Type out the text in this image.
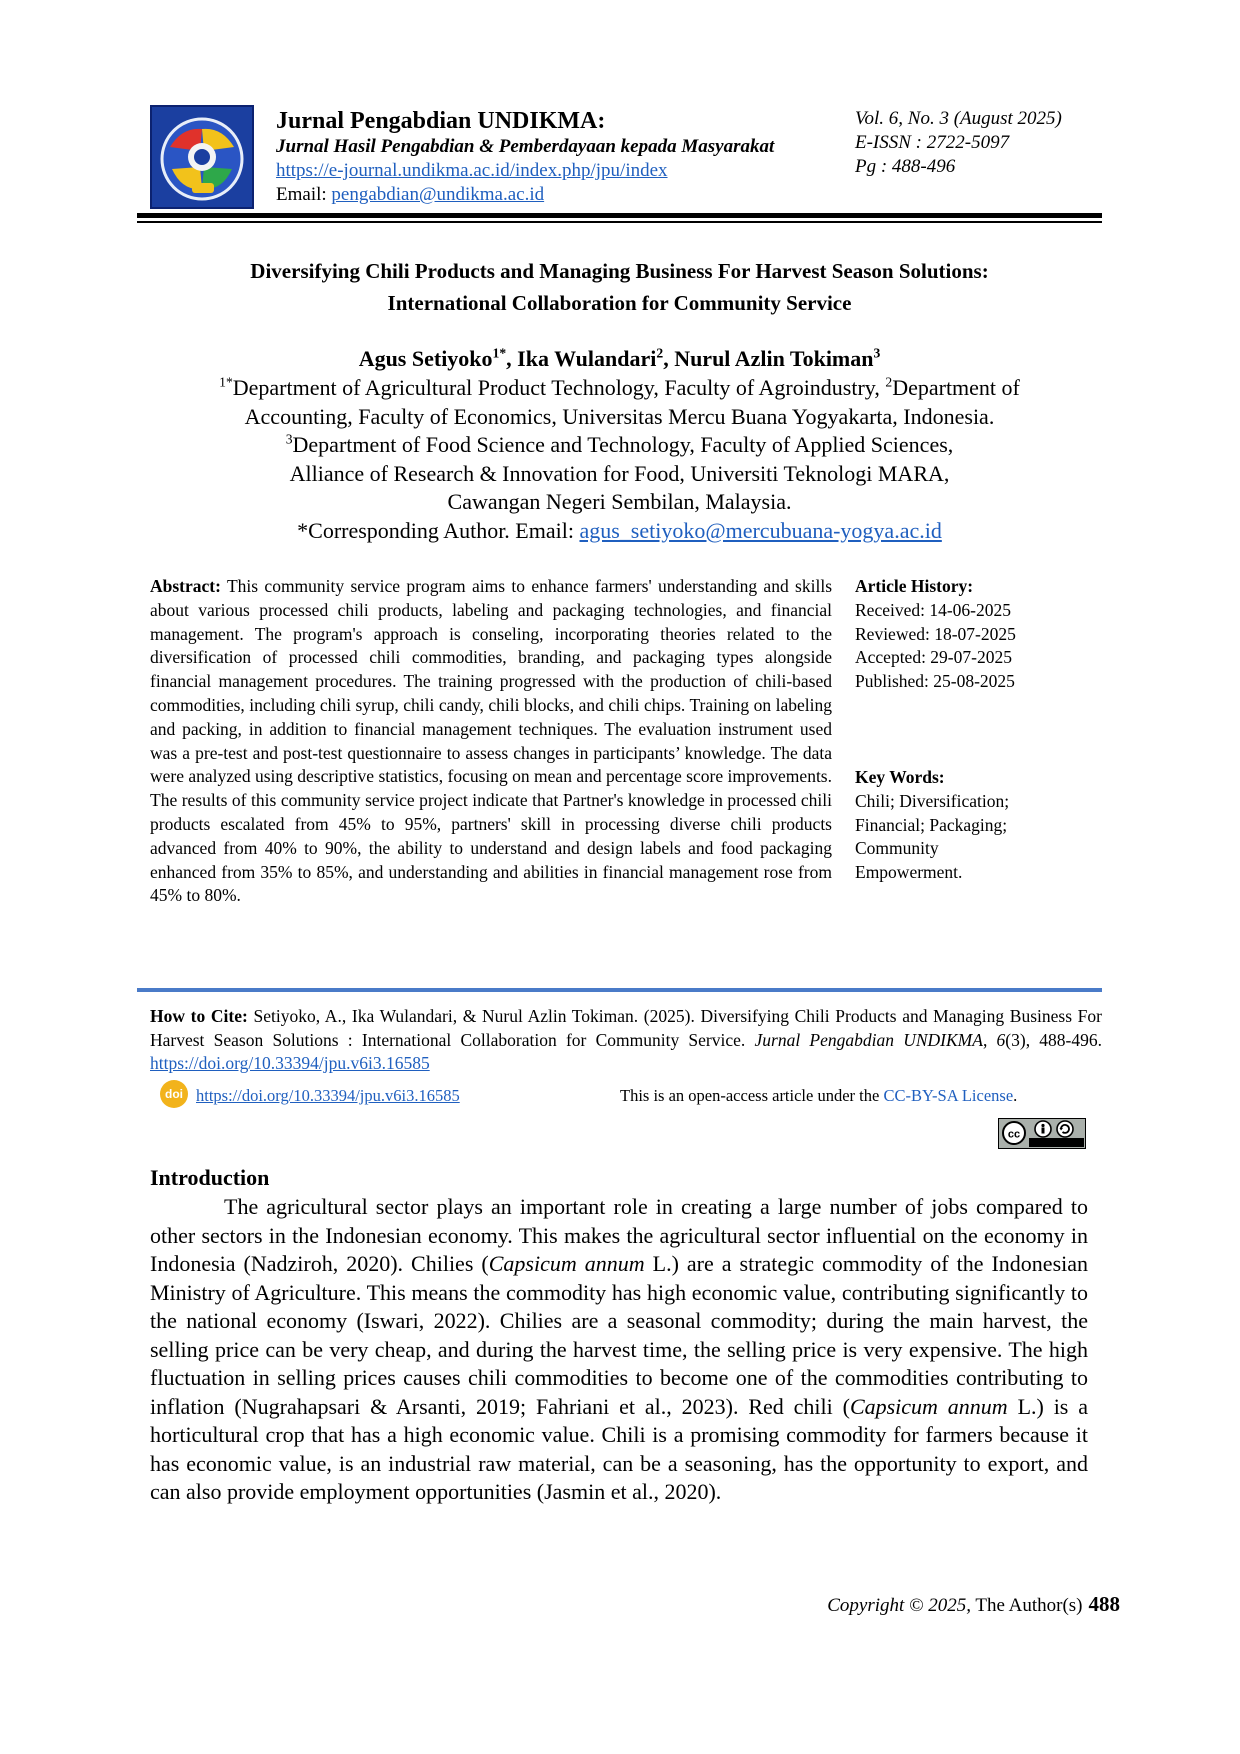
Jurnal Pengabdian UNDIKMA:
Jurnal Hasil Pengabdian & Pemberdayaan kepada Masyarakat
https://e-journal.undikma.ac.id/index.php/jpu/index
Email: pengabdian@undikma.ac.id
Vol. 6, No. 3 (August 2025)
E-ISSN : 2722-5097
Pg : 488-496
Diversifying Chili Products and Managing Business For Harvest Season Solutions:
International Collaboration for Community Service
Agus Setiyoko$^{1*}$, Ika Wulandari$^2$, Nurul Azlin Tokiman$^3$
$^{1*}$Department of Agricultural Product Technology, Faculty of Agroindustry, $^2$Department of
Accounting, Faculty of Economics, Universitas Mercu Buana Yogyakarta, Indonesia.
$^3$Department of Food Science and Technology, Faculty of Applied Sciences,
Alliance of Research & Innovation for Food, Universiti Teknologi MARA,
Cawangan Negeri Sembilan, Malaysia.
*Corresponding Author. Email: agus_setiyoko@mercubuana-yogya.ac.id
Abstract: This community service program aims to enhance farmers' understanding and skills about various processed chili products, labeling and packaging technologies, and financial management. The program's approach is conseling, incorporating theories related to the diversification of processed chili commodities, branding, and packaging types alongside financial management procedures. The training progressed with the production of chili-based commodities, including chili syrup, chili candy, chili blocks, and chili chips. Training on labeling and packing, in addition to financial management techniques. The evaluation instrument used was a pre-test and post-test questionnaire to assess changes in participants’ knowledge. The data were analyzed using descriptive statistics, focusing on mean and percentage score improvements. The results of this community service project indicate that Partner's knowledge in processed chili products escalated from 45% to 95%, partners' skill in processing diverse chili products advanced from 40% to 90%, the ability to understand and design labels and food packaging enhanced from 35% to 85%, and understanding and abilities in financial management rose from 45% to 80%.
Article History:
Received: 14-06-2025
Reviewed: 18-07-2025
Accepted: 29-07-2025
Published: 25-08-2025
Key Words:
Chili; Diversification;
Financial; Packaging;
Community
Empowerment.
How to Cite: Setiyoko, A., Ika Wulandari, & Nurul Azlin Tokiman. (2025). Diversifying Chili Products and Managing Business For Harvest Season Solutions : International Collaboration for Community Service. Jurnal Pengabdian UNDIKMA, 6(3), 488-496. https://doi.org/10.33394/jpu.v6i3.16585
doi https://doi.org/10.33394/jpu.v6i3.16585	This is an open-access article under the CC-BY-SA License.
cc
Introduction
The agricultural sector plays an important role in creating a large number of jobs compared to other sectors in the Indonesian economy. This makes the agricultural sector influential on the economy in Indonesia (Nadziroh, 2020). Chilies (Capsicum annum L.) are a strategic commodity of the Indonesian Ministry of Agriculture. This means the commodity has high economic value, contributing significantly to the national economy (Iswari, 2022). Chilies are a seasonal commodity; during the main harvest, the selling price can be very cheap, and during the harvest time, the selling price is very expensive. The high fluctuation in selling prices causes chili commodities to become one of the commodities contributing to inflation (Nugrahapsari & Arsanti, 2019; Fahriani et al., 2023). Red chili (Capsicum annum L.) is a horticultural crop that has a high economic value. Chili is a promising commodity for farmers because it has economic value, is an industrial raw material, can be a seasoning, has the opportunity to export, and can also provide employment opportunities (Jasmin et al., 2020).
Copyright © 2025, The Author(s) 488
